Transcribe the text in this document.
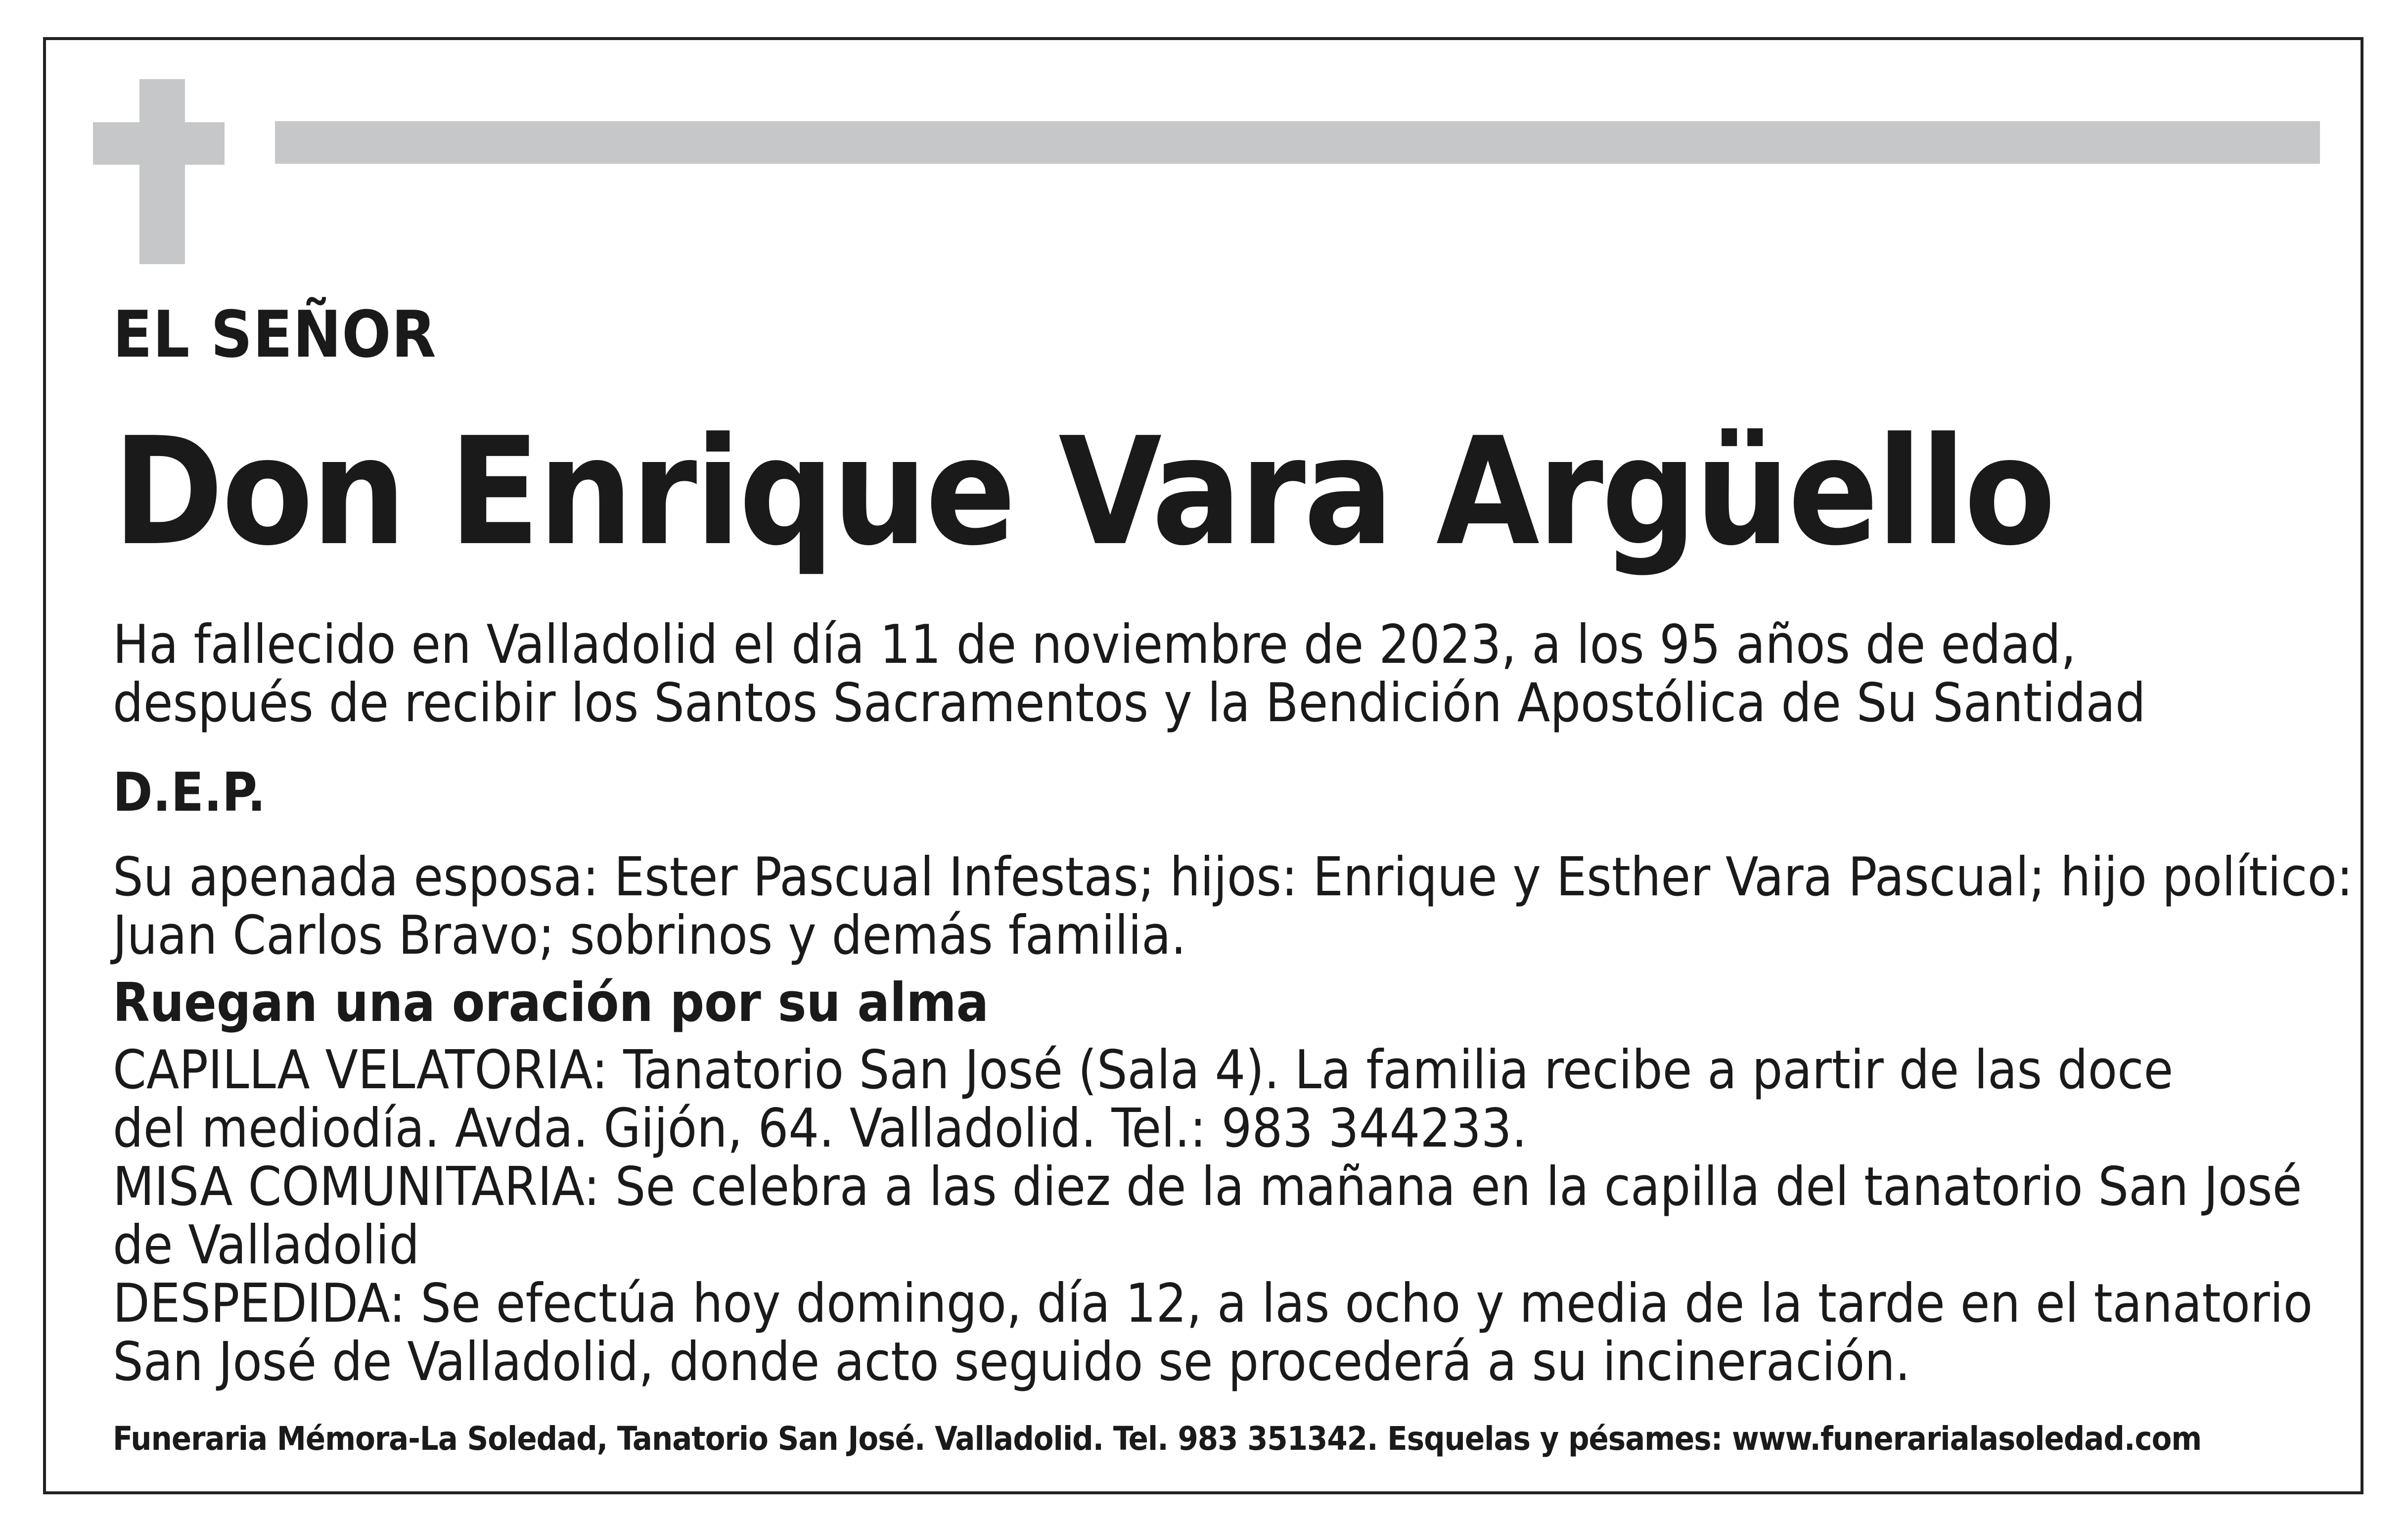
EL SEÑOR
Don Enrique Vara Argüello
Ha fallecido en Valladolid el día 11 de noviembre de 2023, a los 95 años de edad,
después de recibir los Santos Sacramentos y la Bendición Apostólica de Su Santidad
D.E.P.
Su apenada esposa: Ester Pascual Infestas; hijos: Enrique y Esther Vara Pascual; hijo político:
Juan Carlos Bravo; sobrinos y demás familia.
Ruegan una oración por su alma
CAPILLA VELATORIA: Tanatorio San José (Sala 4). La familia recibe a partir de las doce
del mediodía. Avda. Gijón, 64. Valladolid. Tel.: 983 344233.
MISA COMUNITARIA: Se celebra a las diez de la mañana en la capilla del tanatorio San José
de Valladolid
DESPEDIDA: Se efectúa hoy domingo, día 12, a las ocho y media de la tarde en el tanatorio
San José de Valladolid, donde acto seguido se procederá a su incineración.
Funeraria Mémora-La Soledad, Tanatorio San José. Valladolid. Tel. 983 351342. Esquelas y pésames: www.funerarialasoledad.com
